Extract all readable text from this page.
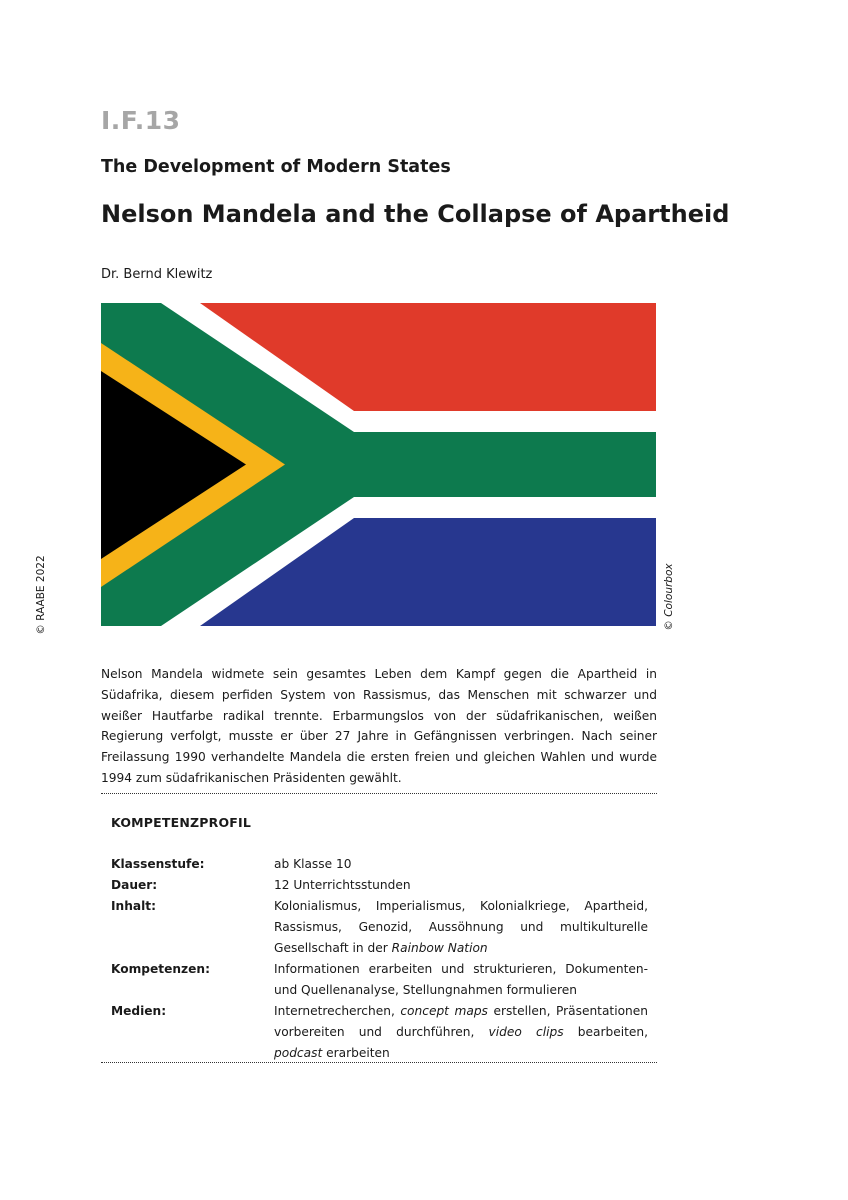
I.F.13
The Development of Modern States
Nelson Mandela and the Collapse of Apartheid
Dr. Bernd Klewitz
© RAABE 2022	© Colourbox

Nelson Mandela widmete sein gesamtes Leben dem Kampf gegen die Apartheid in Südafrika, diesem perfiden System von Rassismus, das Menschen mit schwarzer und weißer Hautfarbe radikal trennte. Erbarmungslos von der südafrikanischen, weißen Regierung verfolgt, musste er über 27 Jahre in Gefängnissen verbringen. Nach seiner Freilassung 1990 verhandelte Mandela die ersten freien und gleichen Wahlen und wurde 1994 zum südafrikanischen Präsidenten gewählt.

KOMPETENZPROFIL
Klassenstufe:	ab Klasse 10
Dauer:	12 Unterrichtsstunden
Inhalt:	Kolonialismus, Imperialismus, Kolonialkriege, Apartheid, Rassismus, Genozid, Aussöhnung und multikulturelle Gesellschaft in der Rainbow Nation
Kompetenzen:	Informationen erarbeiten und strukturieren, Dokumenten- und Quellenanalyse, Stellungnahmen formulieren
Medien:	Internetrecherchen, concept maps erstellen, Präsentationen vorbereiten und durchführen, video clips bearbeiten, podcast erarbeiten
